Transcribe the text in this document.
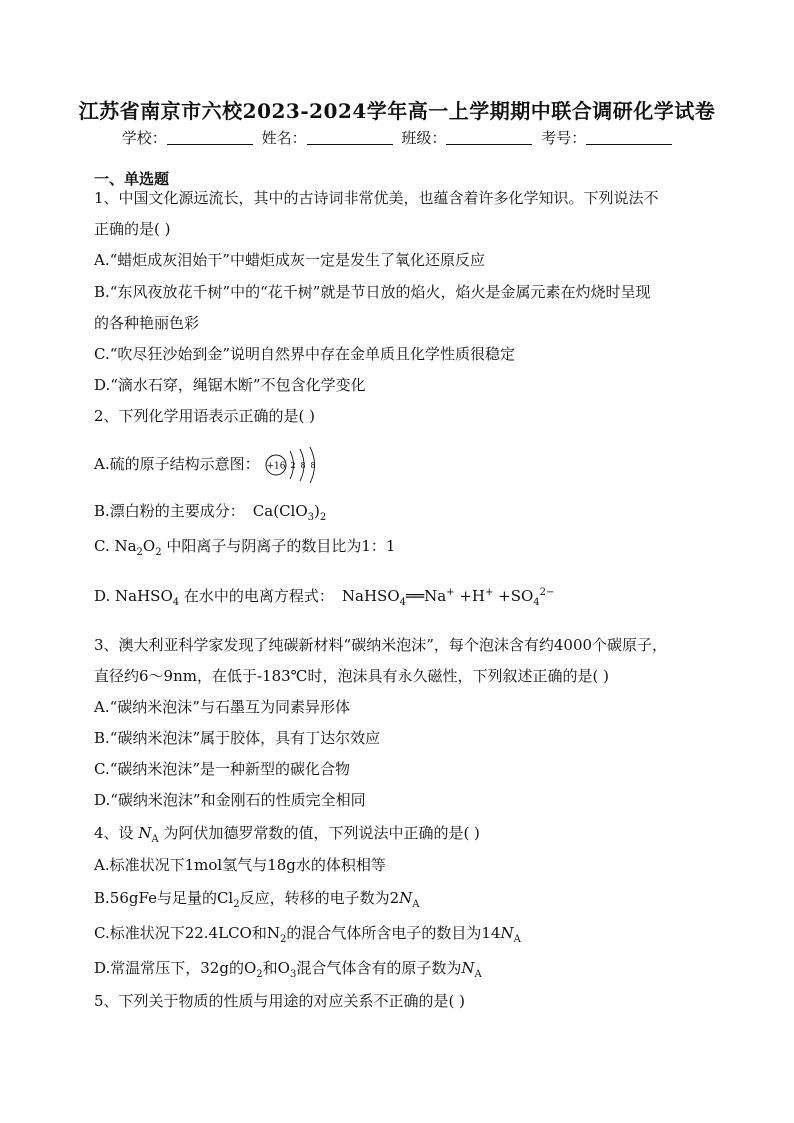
江苏省南京市六校2023-2024学年高一上学期期中联合调研化学试卷
学校：	姓名：	班级：	考号：
一、单选题
1、中国文化源远流长，其中的古诗词非常优美，也蕴含着许多化学知识。下列说法不
正确的是( )
A.“蜡炬成灰泪始干”中蜡炬成灰一定是发生了氧化还原反应
B.“东风夜放花千树”中的“花千树”就是节日放的焰火，焰火是金属元素在灼烧时呈现
的各种艳丽色彩
C.“吹尽狂沙始到金”说明自然界中存在金单质且化学性质很稳定
D.“滴水石穿，绳锯木断”不包含化学变化
2、下列化学用语表示正确的是( )
A.硫的原子结构示意图： +16 2 8 8
B.漂白粉的主要成分： $Ca(ClO_3)_2$
C. $Na_2O_2$ 中阳离子与阴离子的数目比为1：1
D. NaHSO$_4$ 在水中的电离方程式： NaHSO$_4$══Na+ $+H^+ +SO_4^{2-}$
3、澳大利亚科学家发现了纯碳新材料“碳纳米泡沫”，每个泡沫含有约4000个碳原子，
直径约6～9nm，在低于-183℃时，泡沫具有永久磁性，下列叙述正确的是( )
A.“碳纳米泡沫”与石墨互为同素异形体
B.“碳纳米泡沫”属于胶体，具有丁达尔效应
C.“碳纳米泡沫”是一种新型的碳化合物
D.“碳纳米泡沫”和金刚石的性质完全相同
4、设 $N_A$ 为阿伏加德罗常数的值，下列说法中正确的是( )
A.标准状况下1mol氢气与18g水的体积相等
B.56gFe与足量的$Cl_2$反应，转移的电子数为$2N_A$
C.标准状况下22.4LCO和$N_2$的混合气体所含电子的数目为$14N_A$
D.常温常压下，32g的$O_2$和$O_3$混合气体含有的原子数为$N_A$
5、下列关于物质的性质与用途的对应关系不正确的是( )
